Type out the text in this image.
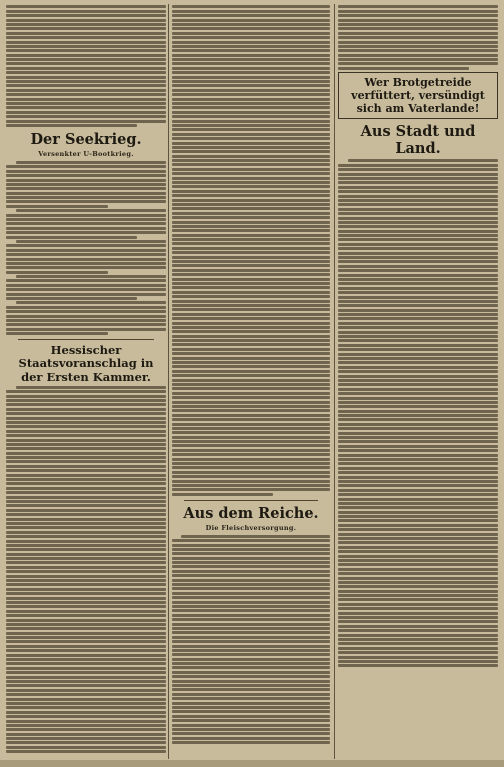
Der Seekrieg.
Versenkter U-Bootkrieg.
Hessischer Staatsvoranschlag in der Ersten Kammer.
Aus dem Reiche.
Die Fleischversorgung.
Wer Brotgetreide verfüttert, versündigt sich am Vaterlande!
Aus Stadt und Land.
